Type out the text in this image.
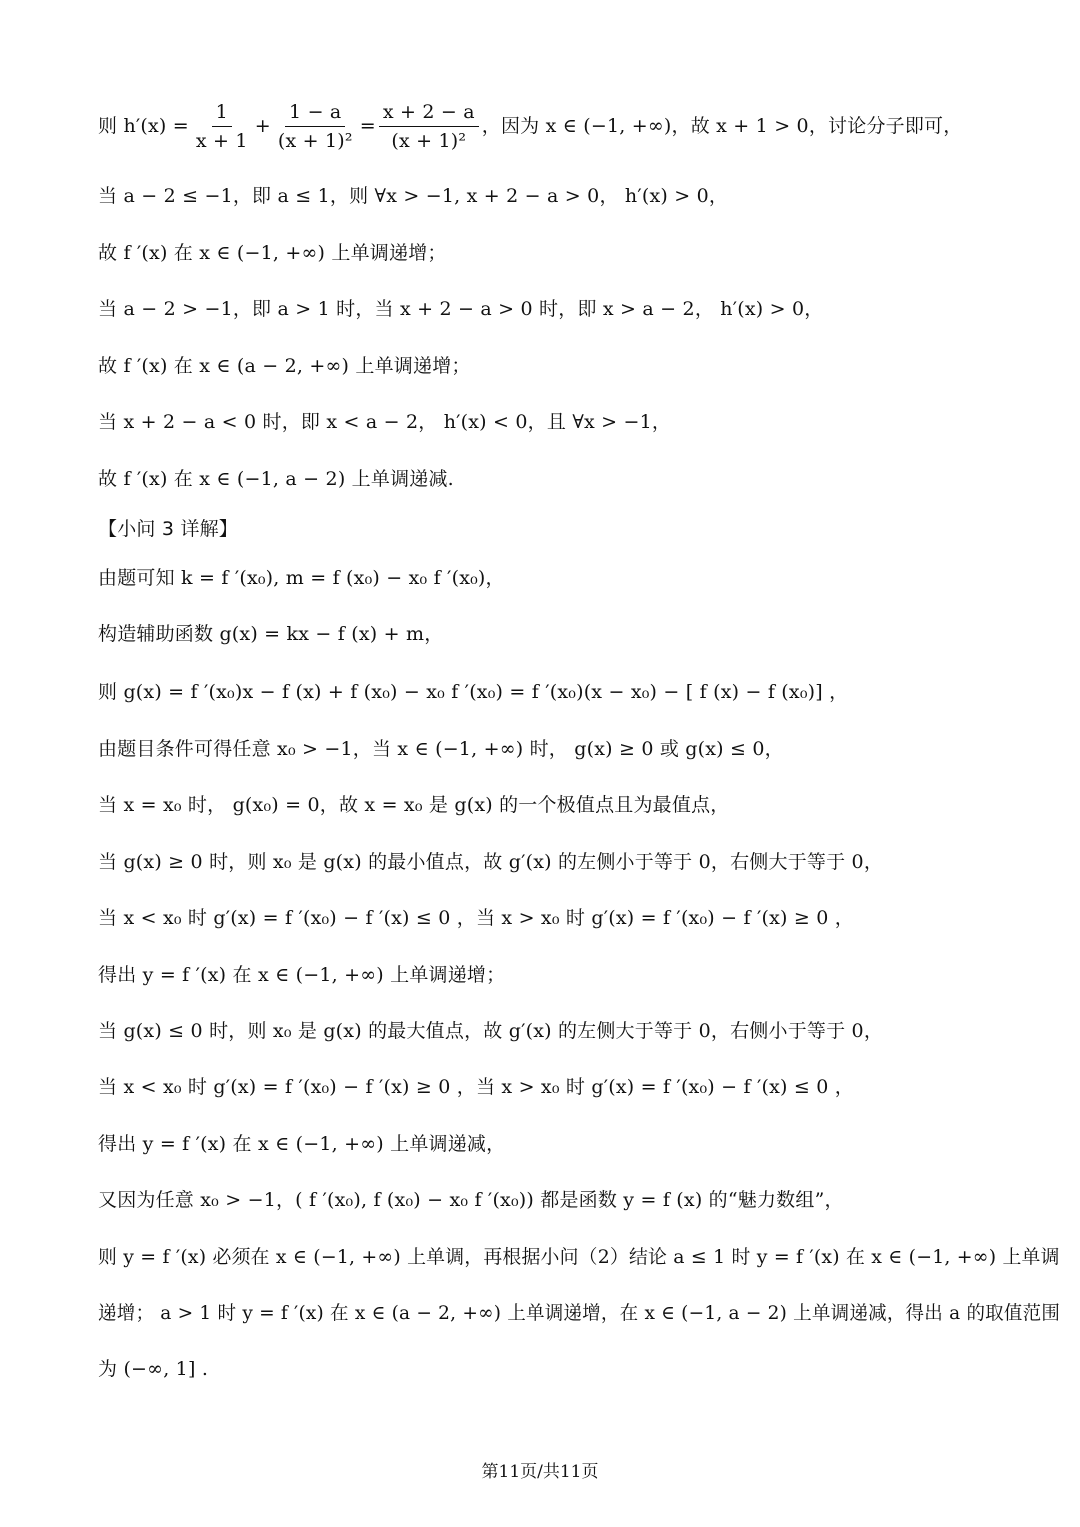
则 $h'(x) = \frac{1}{x + 1} + \frac{1 - a}{\text{(x + 1)²}} = \frac{x + 2 - a}{\text{(x + 1)²}}$ ，因为 x ∈ (−1, +∞)，故 x + 1 > 0，讨论分子即可，
当 a − 2 ≤ −1，即 a ≤ 1，则 ∀x > −1, x + 2 − a > 0， h′(x) > 0，
故 f ′(x) 在 x ∈ (−1, +∞) 上单调递增；
当 a − 2 > −1，即 a > 1 时，当 x + 2 − a > 0 时，即 x > a − 2， h′(x) > 0，
故 f ′(x) 在 x ∈ (a − 2, +∞) 上单调递增；
当 x + 2 − a < 0 时，即 x < a − 2， h′(x) < 0，且 ∀x > −1，
故 f ′(x) 在 x ∈ (−1, a − 2) 上单调递减.
【小问 3 详解】
由题可知 k = f ′(x₀), m = f (x₀) − x₀ f ′(x₀)，
构造辅助函数 g(x) = kx − f (x) + m，
则 g(x) = f ′(x₀)x − f (x) + f (x₀) − x₀ f ′(x₀) = f ′(x₀)(x − x₀) − [ f (x) − f (x₀)] ，
由题目条件可得任意 x₀ > −1，当 x ∈ (−1, +∞) 时， g(x) ≥ 0 或 g(x) ≤ 0，
当 x = x₀ 时， g(x₀) = 0，故 x = x₀ 是 g(x) 的一个极值点且为最值点，
当 g(x) ≥ 0 时，则 x₀ 是 g(x) 的最小值点，故 g′(x) 的左侧小于等于 0，右侧大于等于 0，
当 x < x₀ 时 g′(x) = f ′(x₀) − f ′(x) ≤ 0 ，当 x > x₀ 时 g′(x) = f ′(x₀) − f ′(x) ≥ 0 ，
得出 y = f ′(x) 在 x ∈ (−1, +∞) 上单调递增；
当 g(x) ≤ 0 时，则 x₀ 是 g(x) 的最大值点，故 g′(x) 的左侧大于等于 0，右侧小于等于 0，
当 x < x₀ 时 g′(x) = f ′(x₀) − f ′(x) ≥ 0 ，当 x > x₀ 时 g′(x) = f ′(x₀) − f ′(x) ≤ 0 ，
得出 y = f ′(x) 在 x ∈ (−1, +∞) 上单调递减，
又因为任意 x₀ > −1，( f ′(x₀), f (x₀) − x₀ f ′(x₀)) 都是函数 y = f (x) 的“魅力数组”，
则 y = f ′(x) 必须在 x ∈ (−1, +∞) 上单调，再根据小问（2）结论 a ≤ 1 时 y = f ′(x) 在 x ∈ (−1, +∞) 上单调
递增； a > 1 时 y = f ′(x) 在 x ∈ (a − 2, +∞) 上单调递增，在 x ∈ (−1, a − 2) 上单调递减，得出 a 的取值范围
为 (−∞, 1] .
第11页/共11页
